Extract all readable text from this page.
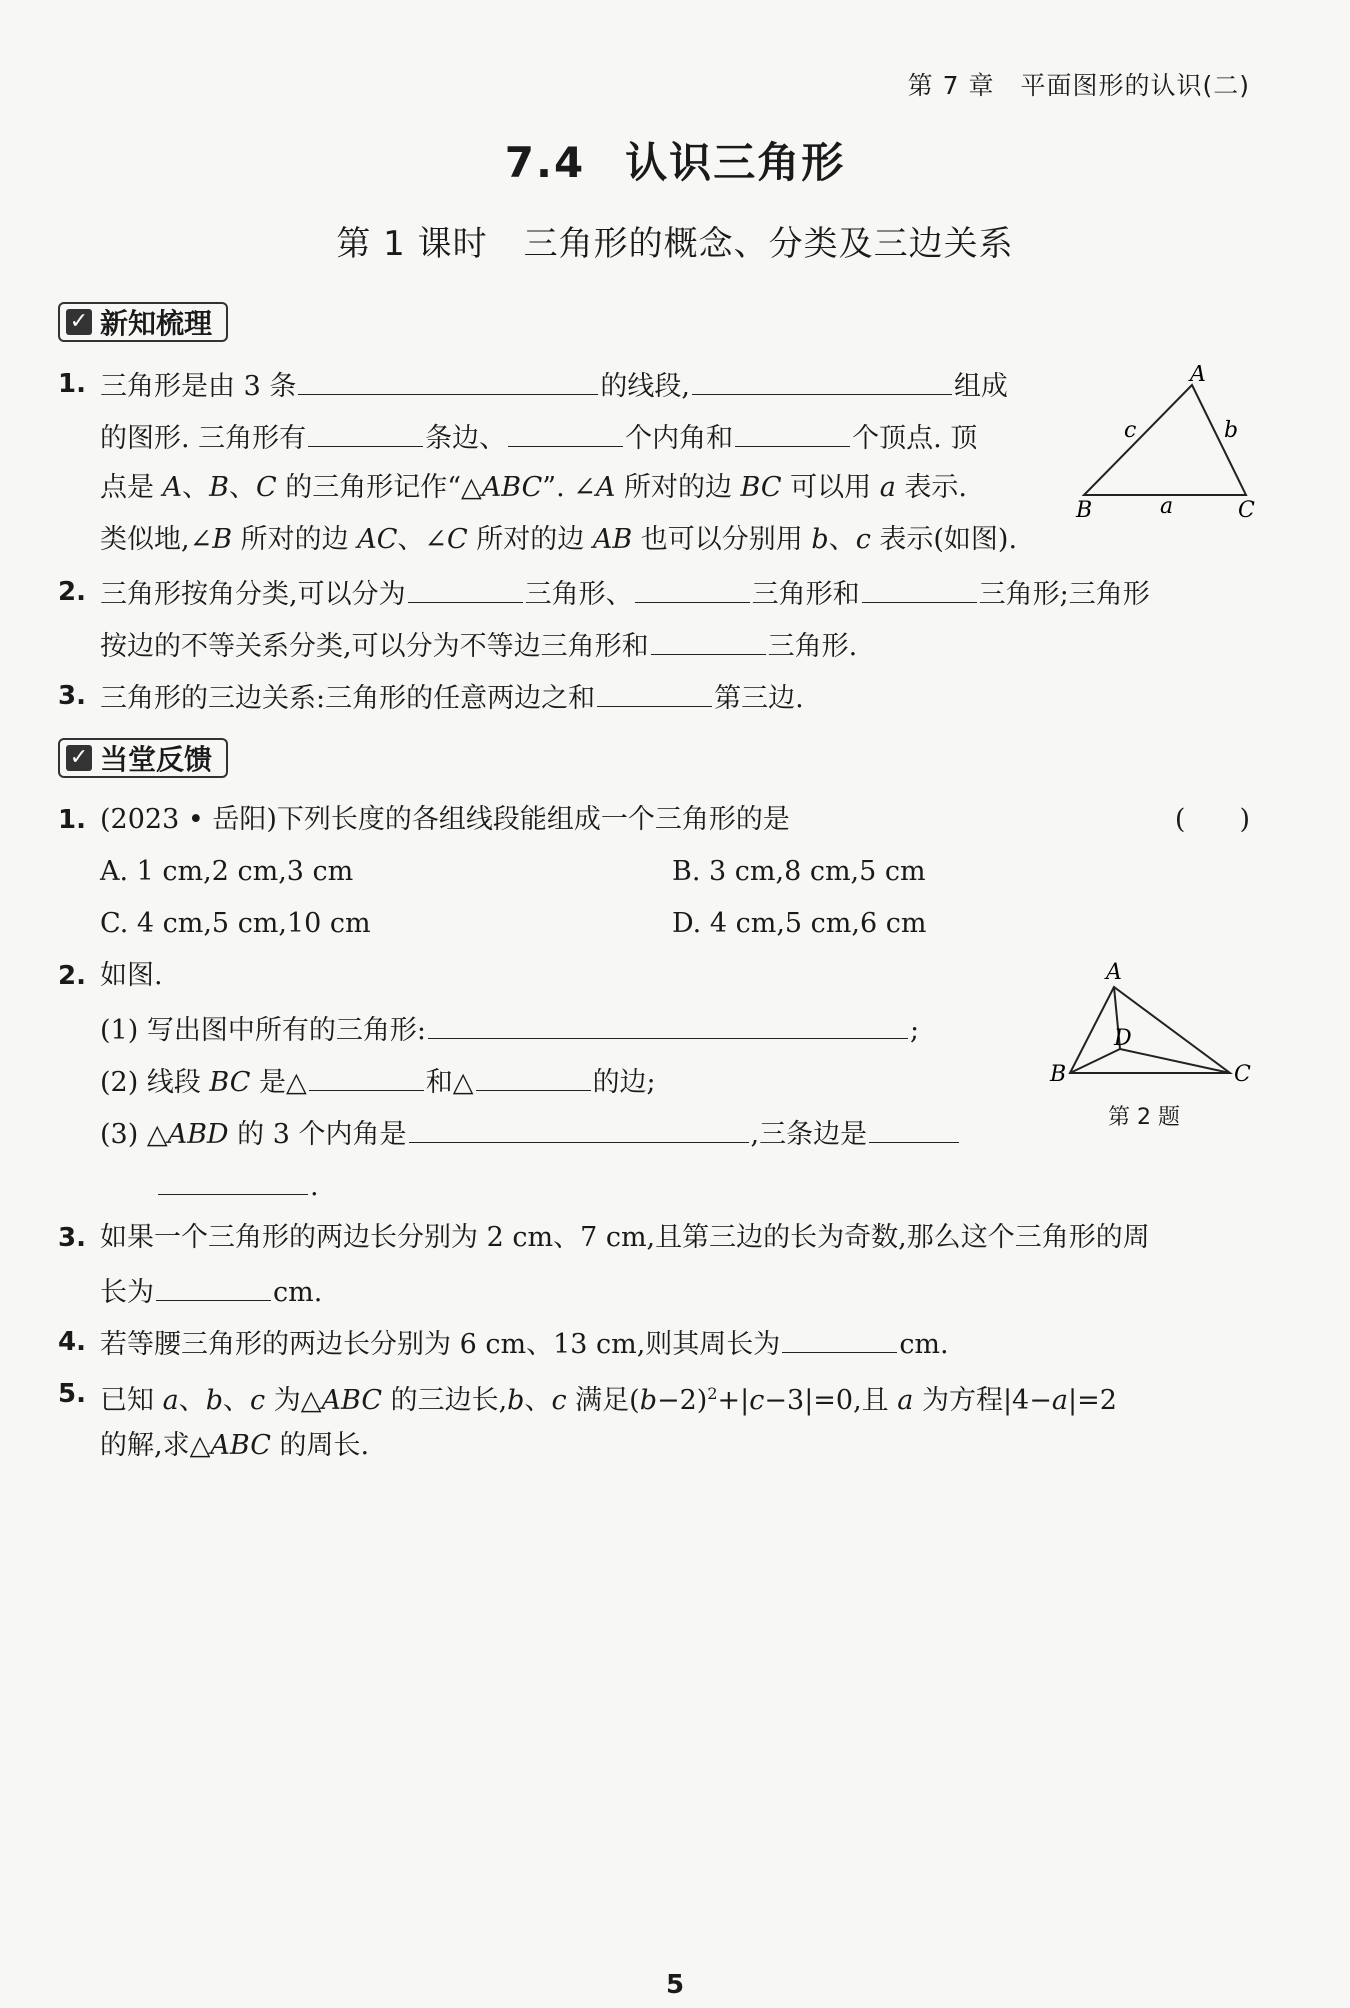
第 7 章 平面图形的认识(二)
7.4 认识三角形
第 1 课时 三角形的概念、分类及三边关系
✓ 新知梳理
1. 三角形是由 3 条	的线段,	组成
的图形. 三角形有	条边、	个内角和	个顶点. 顶
点是 A、B、C 的三角形记作“△ABC”. ∠A 所对的边 BC 可以用 a 表示.
类似地,∠B 所对的边 AC、∠C 所对的边 AB 也可以分别用 b、c 表示(如图).
A
B	C
a
b
c
2. 三角形按角分类,可以分为	三角形、	三角形和	三角形;三角形
按边的不等关系分类,可以分为不等边三角形和	三角形.
3. 三角形的三边关系:三角形的任意两边之和	第三边.
✓ 当堂反馈
1. (2023 • 岳阳)下列长度的各组线段能组成一个三角形的是	(　　)
A. 1 cm,2 cm,3 cm	B. 3 cm,8 cm,5 cm
C. 4 cm,5 cm,10 cm	D. 4 cm,5 cm,6 cm
2. 如图.
(1) 写出图中所有的三角形:	;
(2) 线段 BC 是△	和△	的边;
(3) △ABD 的 3 个内角是	,三条边是
.
A
B	C
D
第 2 题
3. 如果一个三角形的两边长分别为 2 cm、7 cm,且第三边的长为奇数,那么这个三角形的周
长为	cm.
4. 若等腰三角形的两边长分别为 6 cm、13 cm,则其周长为	cm.
5. 已知 a、b、c 为△ABC 的三边长,b、c 满足$(b-2)^2+|c-3|=0$,且 a 为方程|4−a|=2
的解,求△ABC 的周长.
5
